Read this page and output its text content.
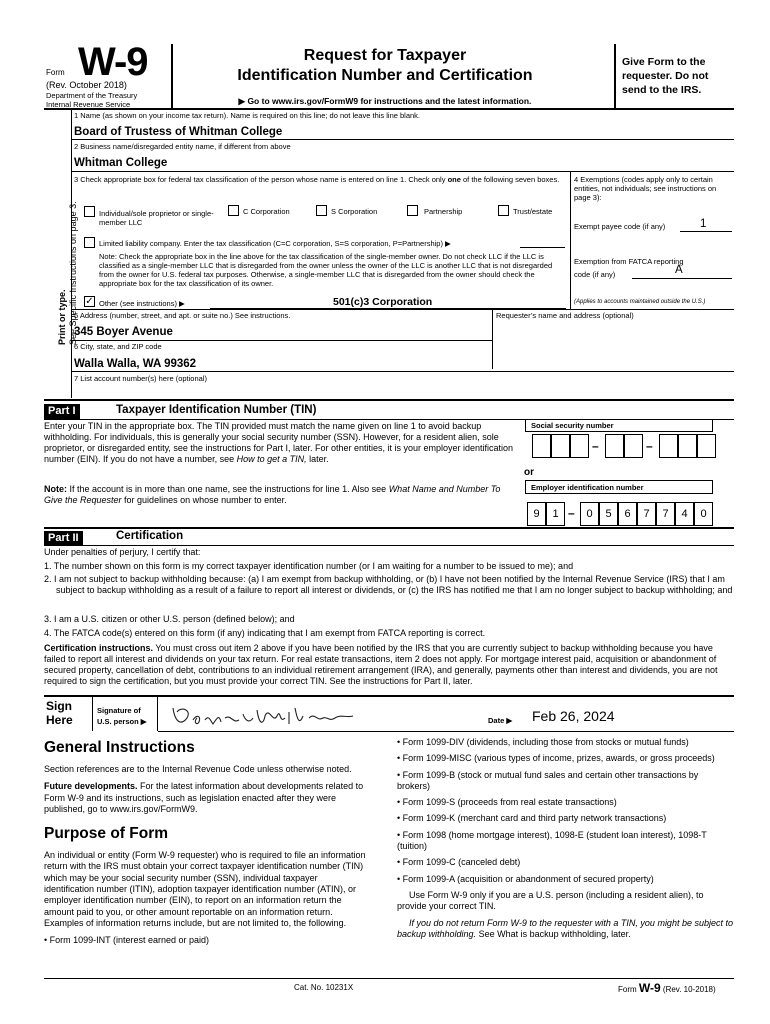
Form W-9
(Rev. October 2018)
Department of the Treasury
Internal Revenue Service
Request for Taxpayer
Identification Number and Certification
▶ Go to www.irs.gov/FormW9 for instructions and the latest information.
Give Form to the requester. Do not send to the IRS.
Print or type. See Specific Instructions on page 3.
1 Name (as shown on your income tax return). Name is required on this line; do not leave this line blank.
Board of Trustess of Whitman College
2 Business name/disregarded entity name, if different from above
Whitman College
3 Check appropriate box for federal tax classification of the person whose name is entered on line 1. Check only one of the following seven boxes.
Individual/sole proprietor or single-member LLC
C Corporation	S Corporation	Partnership	Trust/estate
Limited liability company. Enter the tax classification (C=C corporation, S=S corporation, P=Partnership) ▶
Note: Check the appropriate box in the line above for the tax classification of the single-member owner. Do not check LLC if the LLC is classified as a single-member LLC that is disregarded from the owner unless the owner of the LLC is another LLC that is not disregarded from the owner for U.S. federal tax purposes. Otherwise, a single-member LLC that is disregarded from the owner should check the appropriate box for the tax classification of its owner.
✓ Other (see instructions) ▶	501(c)3 Corporation
4 Exemptions (codes apply only to certain entities, not individuals; see instructions on page 3):
Exempt payee code (if any)	1
Exemption from FATCA reporting code (if any)	A
(Applies to accounts maintained outside the U.S.)
5 Address (number, street, and apt. or suite no.) See instructions.	Requester’s name and address (optional)
345 Boyer Avenue
6 City, state, and ZIP code
Walla Walla, WA 99362
7 List account number(s) here (optional)
Part I	Taxpayer Identification Number (TIN)
Enter your TIN in the appropriate box. The TIN provided must match the name given on line 1 to avoid backup withholding. For individuals, this is generally your social security number (SSN). However, for a resident alien, sole proprietor, or disregarded entity, see the instructions for Part I, later. For other entities, it is your employer identification number (EIN). If you do not have a number, see How to get a TIN, later.
Note: If the account is in more than one name, see the instructions for line 1. Also see What Name and Number To Give the Requester for guidelines on whose number to enter.
Social security number
–	–
or
Employer identification number
9	1 –	0	5	6	7	7	4	0
Part II	Certification
Under penalties of perjury, I certify that:
1. The number shown on this form is my correct taxpayer identification number (or I am waiting for a number to be issued to me); and
2. I am not subject to backup withholding because: (a) I am exempt from backup withholding, or (b) I have not been notified by the Internal Revenue Service (IRS) that I am subject to backup withholding as a result of a failure to report all interest or dividends, or (c) the IRS has notified me that I am no longer subject to backup withholding; and
3. I am a U.S. citizen or other U.S. person (defined below); and
4. The FATCA code(s) entered on this form (if any) indicating that I am exempt from FATCA reporting is correct.
Certification instructions. You must cross out item 2 above if you have been notified by the IRS that you are currently subject to backup withholding because you have failed to report all interest and dividends on your tax return. For real estate transactions, item 2 does not apply. For mortgage interest paid, acquisition or abandonment of secured property, cancellation of debt, contributions to an individual retirement arrangement (IRA), and generally, payments other than interest and dividends, you are not required to sign the certification, but you must provide your correct TIN. See the instructions for Part II, later.
Sign Here
Signature of U.S. person ▶	Date ▶ Feb 26, 2024
General Instructions

Section references are to the Internal Revenue Code unless otherwise noted.

Future developments. For the latest information about developments related to Form W-9 and its instructions, such as legislation enacted after they were published, go to www.irs.gov/FormW9.

Purpose of Form

An individual or entity (Form W-9 requester) who is required to file an information return with the IRS must obtain your correct taxpayer identification number (TIN) which may be your social security number (SSN), individual taxpayer identification number (ITIN), adoption taxpayer identification number (ATIN), or employer identification number (EIN), to report on an information return the amount paid to you, or other amount reportable on an information return. Examples of information returns include, but are not limited to, the following.

• Form 1099-INT (interest earned or paid)

• Form 1099-DIV (dividends, including those from stocks or mutual funds)
• Form 1099-MISC (various types of income, prizes, awards, or gross proceeds)
• Form 1099-B (stock or mutual fund sales and certain other transactions by brokers)
• Form 1099-S (proceeds from real estate transactions)
• Form 1099-K (merchant card and third party network transactions)
• Form 1098 (home mortgage interest), 1098-E (student loan interest), 1098-T (tuition)
• Form 1099-C (canceled debt)
• Form 1099-A (acquisition or abandonment of secured property)
Use Form W-9 only if you are a U.S. person (including a resident alien), to provide your correct TIN.
If you do not return Form W-9 to the requester with a TIN, you might be subject to backup withholding. See What is backup withholding, later.
Cat. No. 10231X	Form W-9 (Rev. 10-2018)
